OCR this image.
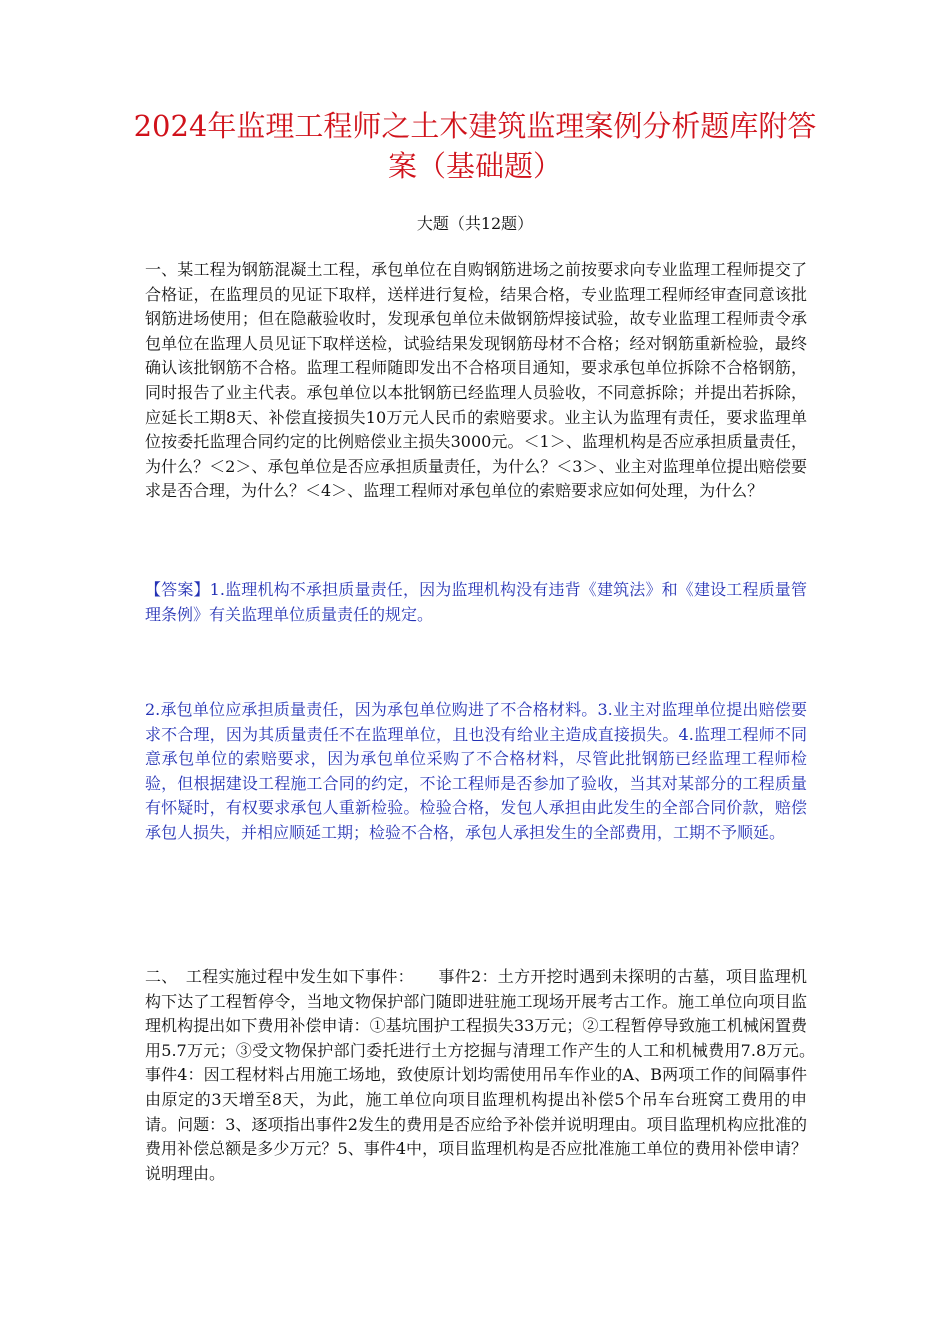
2024年监理工程师之土木建筑监理案例分析题库附答案（基础题）

大题（共12题）

一、某工程为钢筋混凝土工程，承包单位在自购钢筋进场之前按要求向专业监理工程师提交了合格证，在监理员的见证下取样，送样进行复检，结果合格，专业监理工程师经审查同意该批钢筋进场使用；但在隐蔽验收时，发现承包单位未做钢筋焊接试验，故专业监理工程师责令承包单位在监理人员见证下取样送检，试验结果发现钢筋母材不合格；经对钢筋重新检验，最终确认该批钢筋不合格。监理工程师随即发出不合格项目通知，要求承包单位拆除不合格钢筋，同时报告了业主代表。承包单位以本批钢筋已经监理人员验收，不同意拆除；并提出若拆除，应延长工期8天、补偿直接损失10万元人民币的索赔要求。业主认为监理有责任，要求监理单位按委托监理合同约定的比例赔偿业主损失3000元。＜1＞、监理机构是否应承担质量责任，为什么？＜2＞、承包单位是否应承担质量责任，为什么？＜3＞、业主对监理单位提出赔偿要求是否合理，为什么？＜4＞、监理工程师对承包单位的索赔要求应如何处理，为什么？

【答案】1.监理机构不承担质量责任，因为监理机构没有违背《建筑法》和《建设工程质量管理条例》有关监理单位质量责任的规定。

2.承包单位应承担质量责任，因为承包单位购进了不合格材料。3.业主对监理单位提出赔偿要求不合理，因为其质量责任不在监理单位，且也没有给业主造成直接损失。4.监理工程师不同意承包单位的索赔要求，因为承包单位采购了不合格材料，尽管此批钢筋已经监理工程师检验，但根据建设工程施工合同的约定，不论工程师是否参加了验收，当其对某部分的工程质量有怀疑时，有权要求承包人重新检验。检验合格，发包人承担由此发生的全部合同价款，赔偿承包人损失，并相应顺延工期；检验不合格，承包人承担发生的全部费用，工期不予顺延。

二、　工程实施过程中发生如下事件：　　事件2：土方开挖时遇到未探明的古墓，项目监理机构下达了工程暂停令，当地文物保护部门随即进驻施工现场开展考古工作。施工单位向项目监理机构提出如下费用补偿申请：①基坑围护工程损失33万元；②工程暂停导致施工机械闲置费用5.7万元；③受文物保护部门委托进行土方挖掘与清理工作产生的人工和机械费用7.8万元。　　事件4：因工程材料占用施工场地，致使原计划均需使用吊车作业的A、B两项工作的间隔事件由原定的3天增至8天，为此，施工单位向项目监理机构提出补偿5个吊车台班窝工费用的申请。问题：3、逐项指出事件2发生的费用是否应给予补偿并说明理由。项目监理机构应批准的费用补偿总额是多少万元？5、事件4中，项目监理机构是否应批准施工单位的费用补偿申请？说明理由。
